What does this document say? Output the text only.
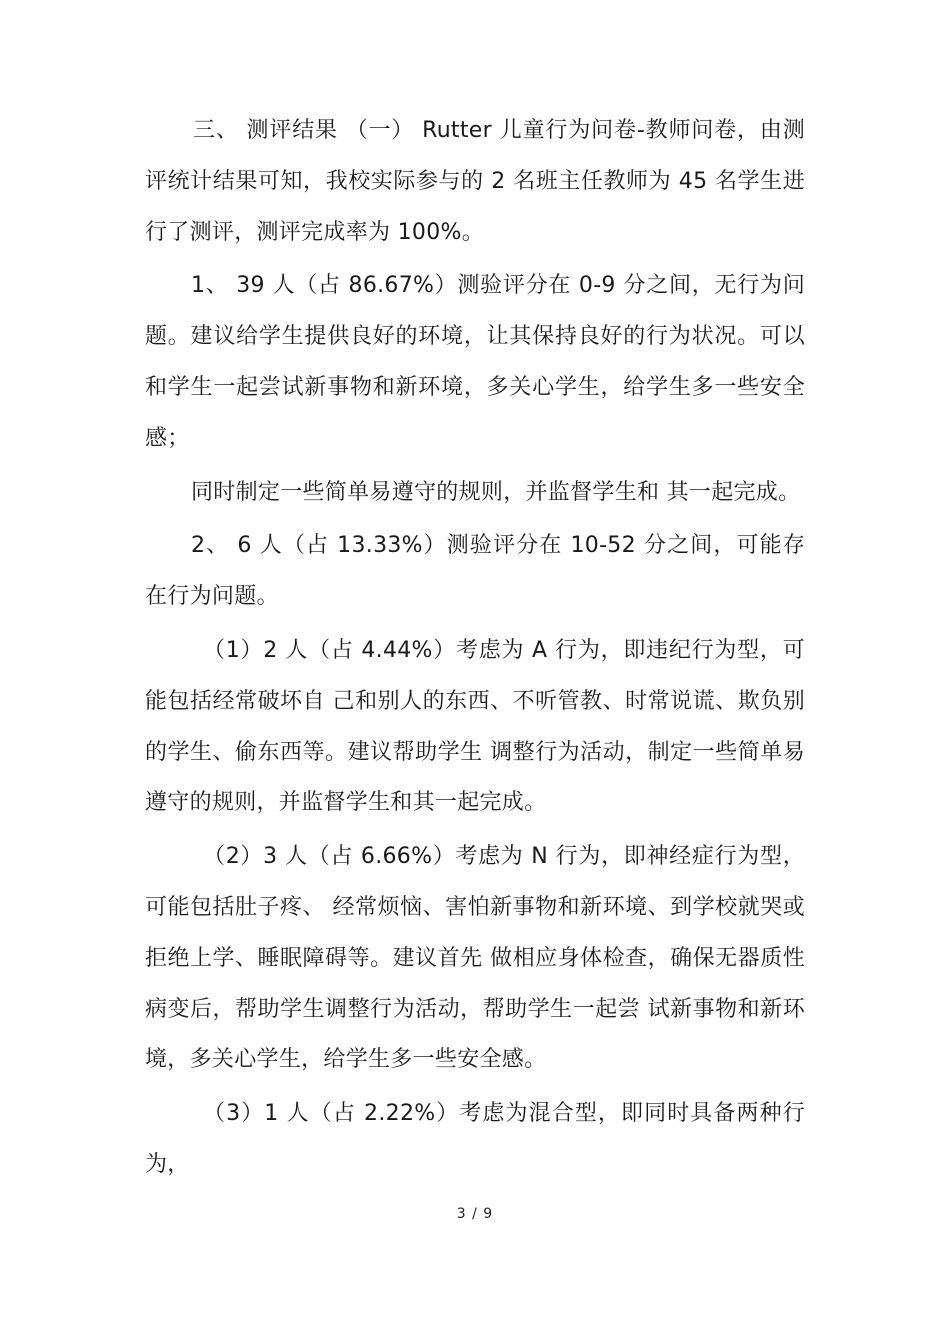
三、 测评结果 （一） Rutter 儿童行为问卷-教师问卷，由测评统计结果可知，我校实际参与的 2 名班主任教师为 45 名学生进行了测评，测评完成率为 100%。

1、 39 人（占 86.67%）测验评分在 0-9 分之间，无行为问题。建议给学生提供良好的环境，让其保持良好的行为状况。可以和学生一起尝试新事物和新环境，多关心学生，给学生多一些安全感；

同时制定一些简单易遵守的规则，并监督学生和 其一起完成。

2、 6 人（占 13.33%）测验评分在 10-52 分之间，可能存在行为问题。

（1）2 人（占 4.44%）考虑为 A 行为，即违纪行为型，可能包括经常破坏自 己和别人的东西、不听管教、时常说谎、欺负别的学生、偷东西等。建议帮助学生 调整行为活动，制定一些简单易遵守的规则，并监督学生和其一起完成。

（2）3 人（占 6.66%）考虑为 N 行为，即神经症行为型，可能包括肚子疼、 经常烦恼、害怕新事物和新环境、到学校就哭或拒绝上学、睡眠障碍等。建议首先 做相应身体检查，确保无器质性病变后，帮助学生调整行为活动，帮助学生一起尝 试新事物和新环境，多关心学生，给学生多一些安全感。

（3）1 人（占 2.22%）考虑为混合型，即同时具备两种行为，

3 / 9
